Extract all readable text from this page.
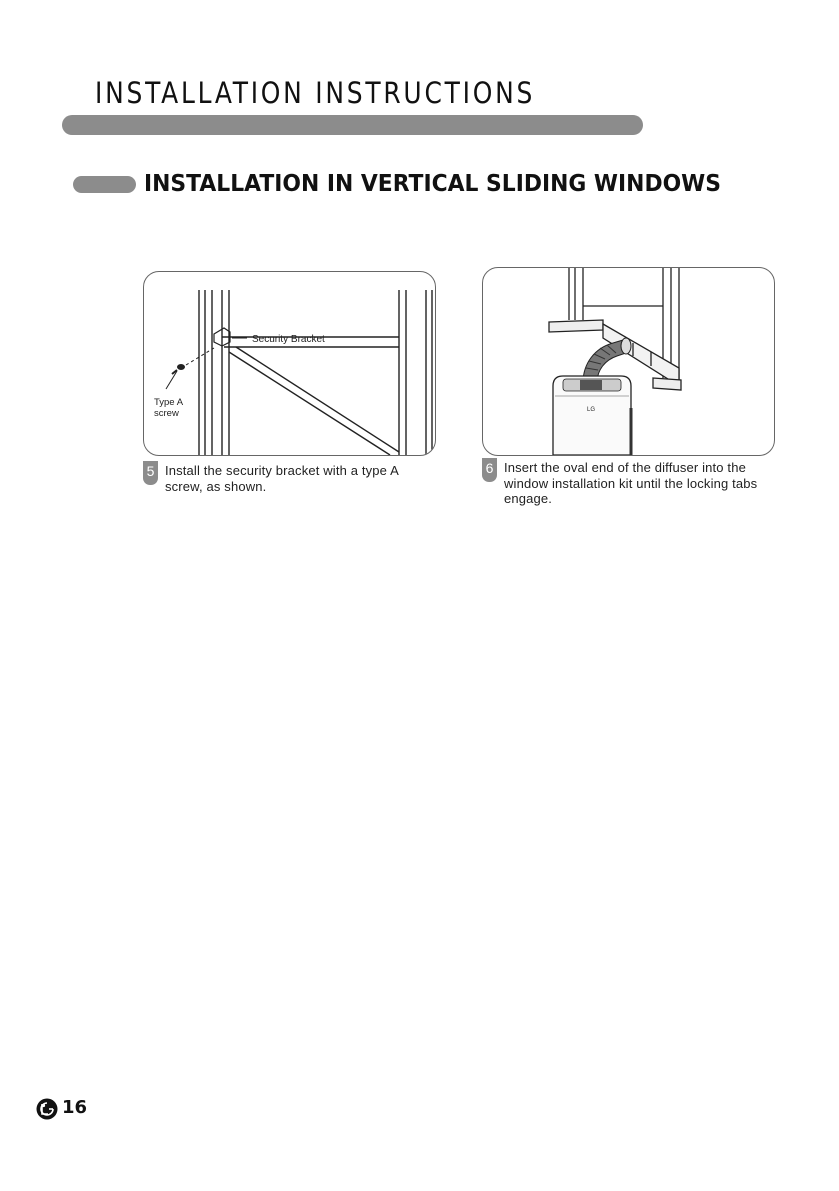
INSTALLATION INSTRUCTIONS
INSTALLATION IN VERTICAL SLIDING WINDOWS
Security Bracket
Type A
screw
5 Install the security bracket with a type A screw, as shown.
LG
6 Insert the oval end of the diffuser into the window installation kit until the locking tabs engage.
16
